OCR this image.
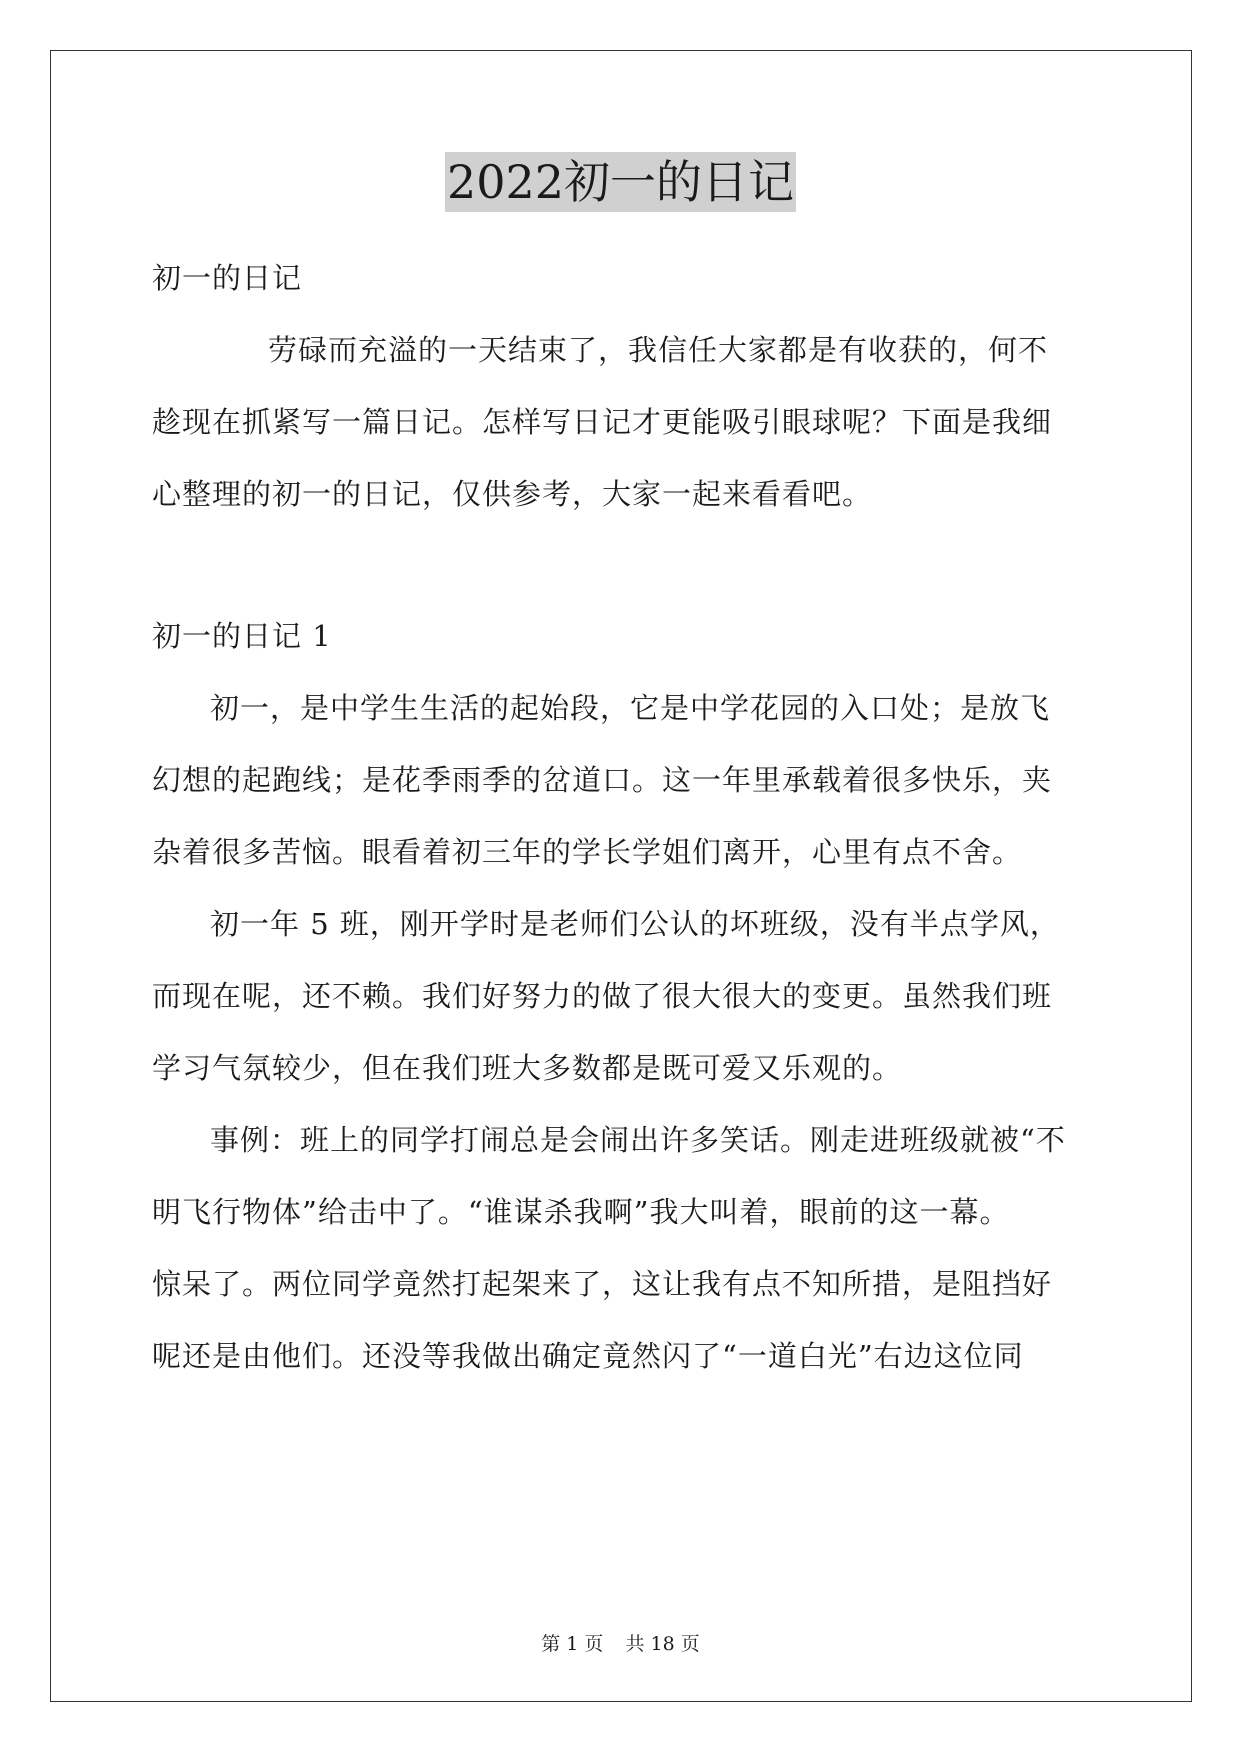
2022初一的日记
初一的日记
劳碌而充溢的一天结束了，我信任大家都是有收获的，何不
趁现在抓紧写一篇日记。怎样写日记才更能吸引眼球呢？下面是我细
心整理的初一的日记，仅供参考，大家一起来看看吧。
初一的日记 1
初一，是中学生生活的起始段，它是中学花园的入口处；是放飞
幻想的起跑线；是花季雨季的岔道口。这一年里承载着很多快乐，夹
杂着很多苦恼。眼看着初三年的学长学姐们离开，心里有点不舍。
初一年 5 班，刚开学时是老师们公认的坏班级，没有半点学风，
而现在呢，还不赖。我们好努力的做了很大很大的变更。虽然我们班
学习气氛较少，但在我们班大多数都是既可爱又乐观的。
事例：班上的同学打闹总是会闹出许多笑话。刚走进班级就被“不
明飞行物体”给击中了。“谁谋杀我啊”我大叫着，眼前的这一幕。
惊呆了。两位同学竟然打起架来了，这让我有点不知所措，是阻挡好
呢还是由他们。还没等我做出确定竟然闪了“一道白光”右边这位同
第 1 页 共 18 页
